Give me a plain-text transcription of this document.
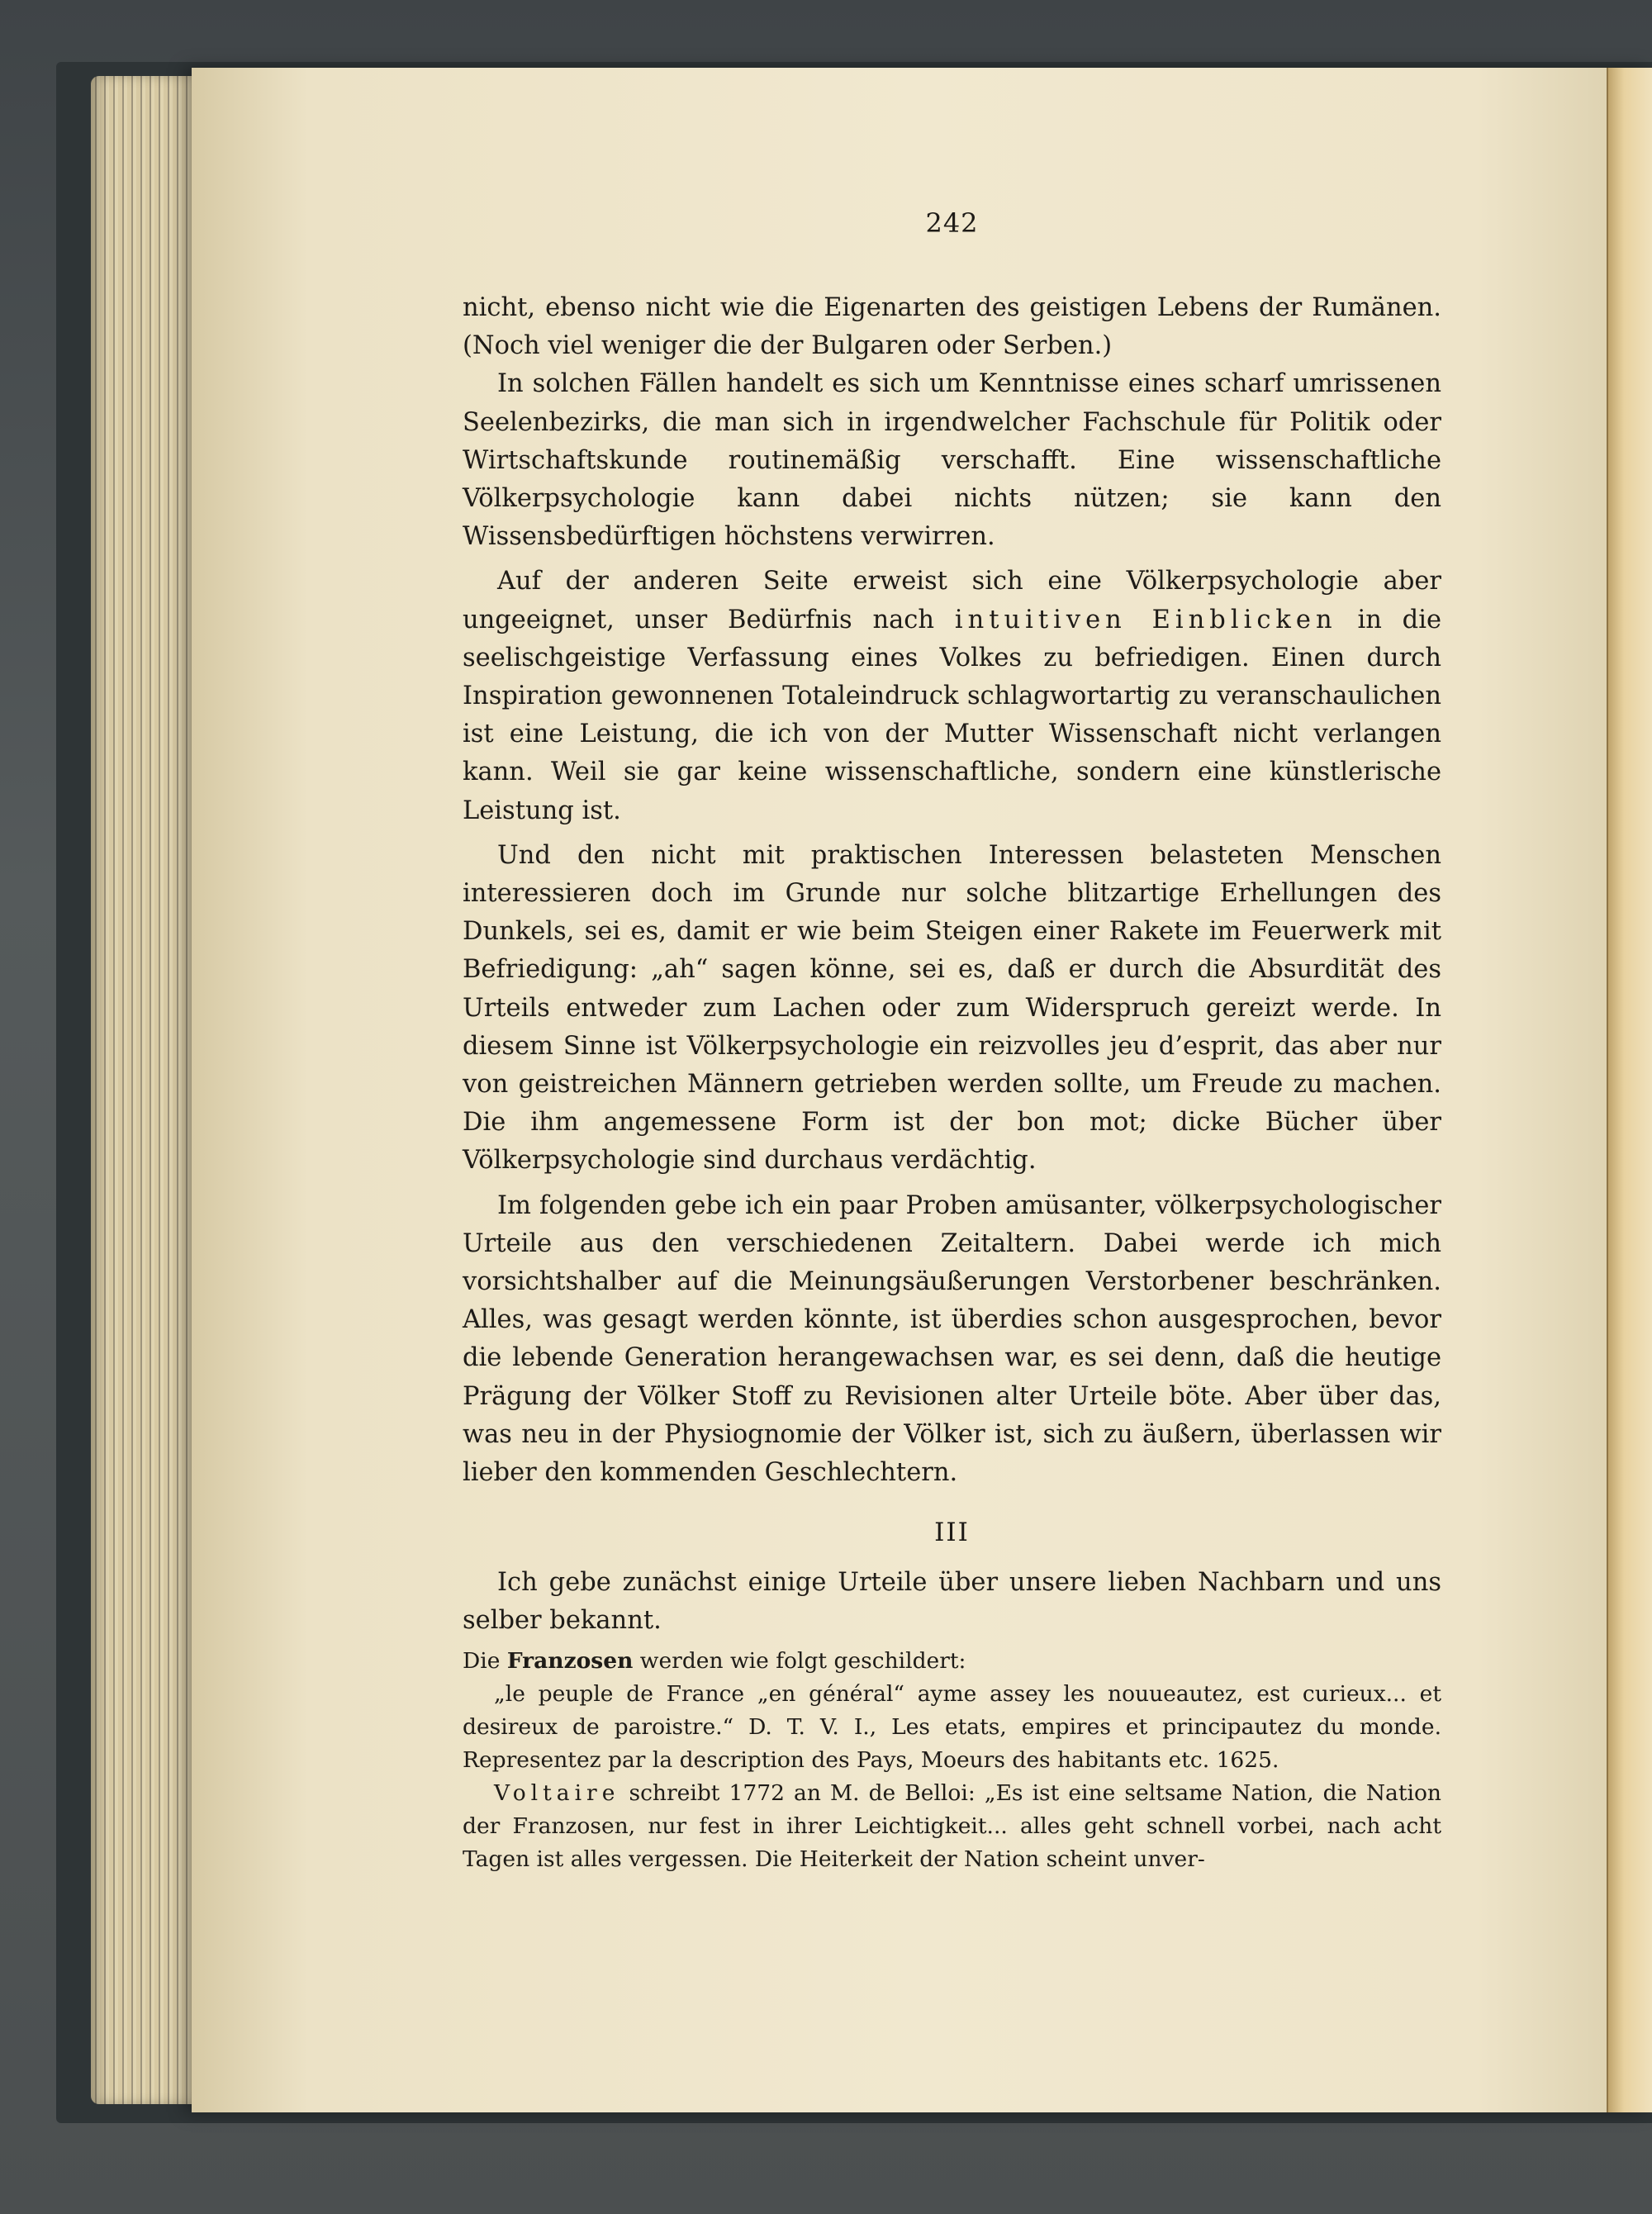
242

nicht, ebenso nicht wie die Eigenarten des geistigen Lebens der Rumänen. (Noch viel weniger die der Bulgaren oder Serben.)

In solchen Fällen handelt es sich um Kenntnisse eines scharf umrissenen Seelenbezirks, die man sich in irgendwelcher Fachschule für Politik oder Wirtschaftskunde routinemäßig verschafft. Eine wissenschaftliche Völkerpsychologie kann dabei nichts nützen; sie kann den Wissensbedürftigen höchstens verwirren.

Auf der anderen Seite erweist sich eine Völkerpsychologie aber ungeeignet, unser Bedürfnis nach intuitiven Einblicken in die seelischgeistige Verfassung eines Volkes zu befriedigen. Einen durch Inspiration gewonnenen Totaleindruck schlagwortartig zu veranschaulichen ist eine Leistung, die ich von der Mutter Wissenschaft nicht verlangen kann. Weil sie gar keine wissenschaftliche, sondern eine künstlerische Leistung ist.

Und den nicht mit praktischen Interessen belasteten Menschen interessieren doch im Grunde nur solche blitzartige Erhellungen des Dunkels, sei es, damit er wie beim Steigen einer Rakete im Feuerwerk mit Befriedigung: „ah“ sagen könne, sei es, daß er durch die Absurdität des Urteils entweder zum Lachen oder zum Widerspruch gereizt werde. In diesem Sinne ist Völkerpsychologie ein reizvolles jeu d’esprit, das aber nur von geistreichen Männern getrieben werden sollte, um Freude zu machen. Die ihm angemessene Form ist der bon mot; dicke Bücher über Völkerpsychologie sind durchaus verdächtig.

Im folgenden gebe ich ein paar Proben amüsanter, völkerpsychologischer Urteile aus den verschiedenen Zeitaltern. Dabei werde ich mich vorsichtshalber auf die Meinungsäußerungen Verstorbener beschränken. Alles, was gesagt werden könnte, ist überdies schon ausgesprochen, bevor die lebende Generation herangewachsen war, es sei denn, daß die heutige Prägung der Völker Stoff zu Revisionen alter Urteile böte. Aber über das, was neu in der Physiognomie der Völker ist, sich zu äußern, überlassen wir lieber den kommenden Geschlechtern.

III

Ich gebe zunächst einige Urteile über unsere lieben Nachbarn und uns selber bekannt.

Die Franzosen werden wie folgt geschildert:

„le peuple de France „en général“ ayme assey les nouueautez, est curieux... et desireux de paroistre.“ D. T. V. I., Les etats, empires et principautez du monde. Representez par la description des Pays, Moeurs des habitants etc. 1625.

Voltaire schreibt 1772 an M. de Belloi: „Es ist eine seltsame Nation, die Nation der Franzosen, nur fest in ihrer Leichtigkeit... alles geht schnell vorbei, nach acht Tagen ist alles vergessen. Die Heiterkeit der Nation scheint unver-
